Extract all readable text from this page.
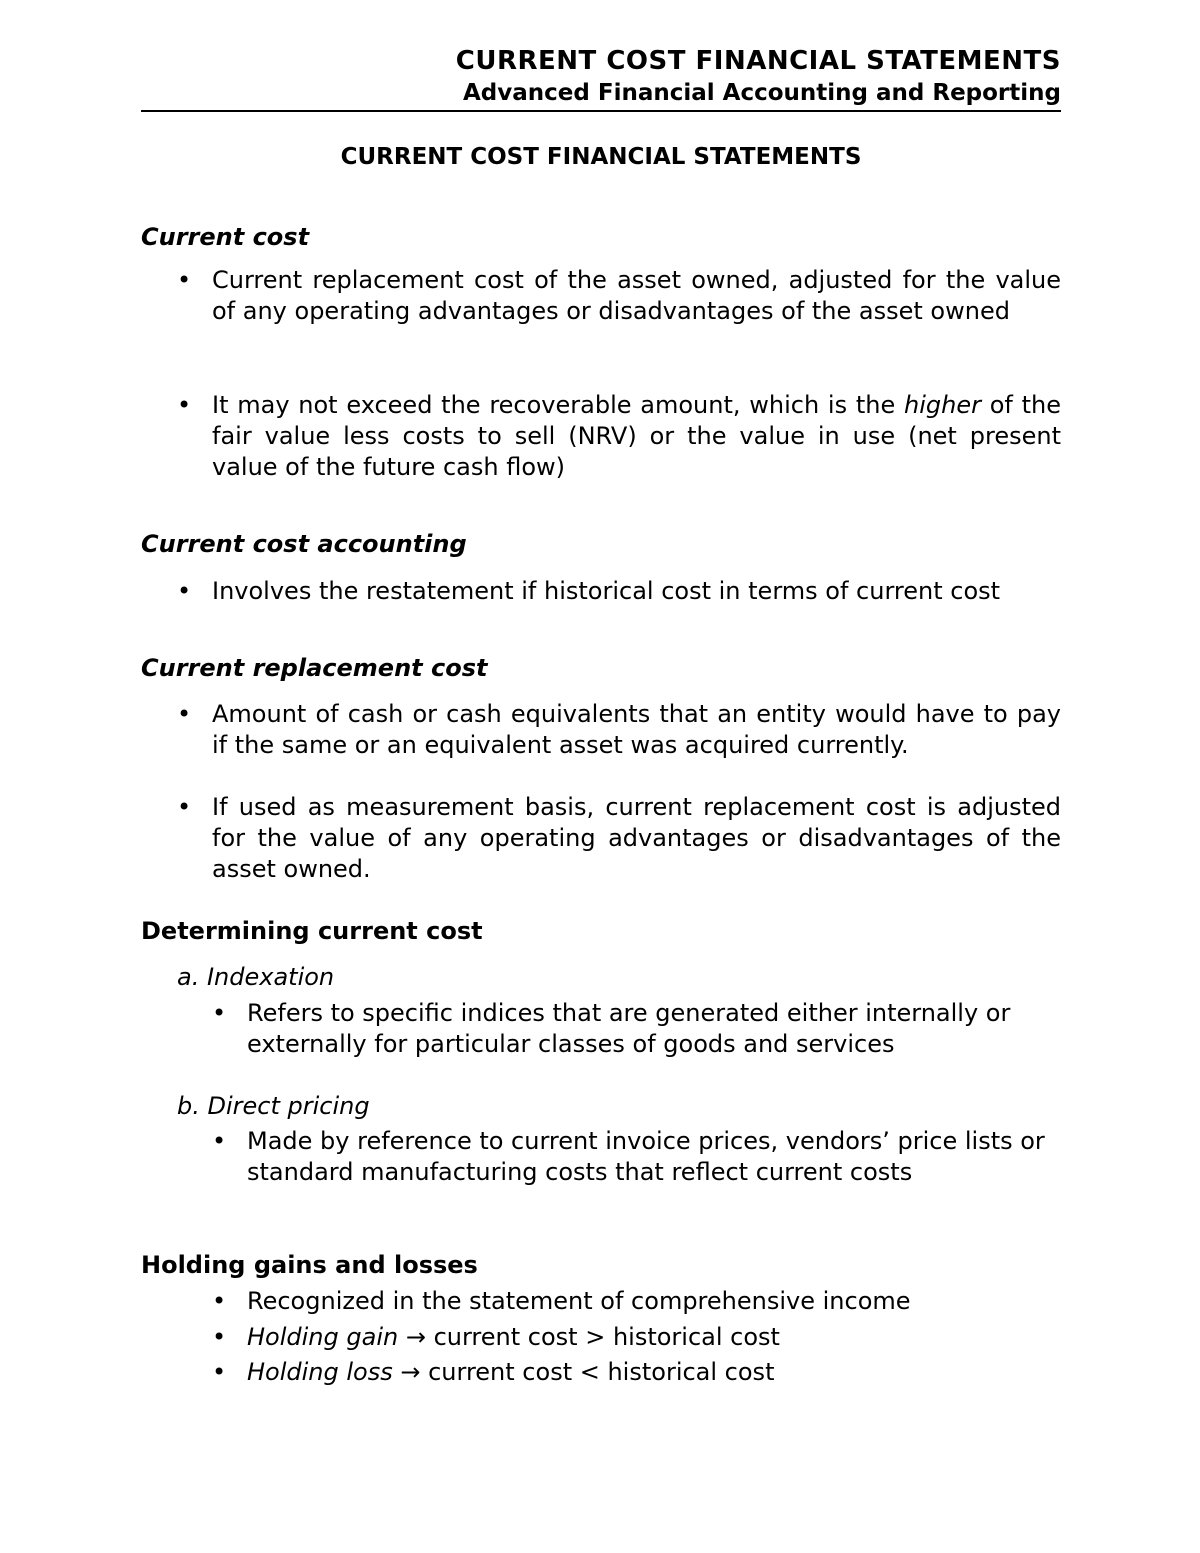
CURRENT COST FINANCIAL STATEMENTS
Advanced Financial Accounting and Reporting
CURRENT COST FINANCIAL STATEMENTS
Current cost
• Current replacement cost of the asset owned, adjusted for the value of any operating advantages or disadvantages of the asset owned
• It may not exceed the recoverable amount, which is the higher of the fair value less costs to sell (NRV) or the value in use (net present value of the future cash flow)
Current cost accounting
• Involves the restatement if historical cost in terms of current cost
Current replacement cost
• Amount of cash or cash equivalents that an entity would have to pay if the same or an equivalent asset was acquired currently.
• If used as measurement basis, current replacement cost is adjusted for the value of any operating advantages or disadvantages of the asset owned.
Determining current cost
a. Indexation
• Refers to specific indices that are generated either internally or externally for particular classes of goods and services
b. Direct pricing
• Made by reference to current invoice prices, vendors’ price lists or standard manufacturing costs that reflect current costs
Holding gains and losses
• Recognized in the statement of comprehensive income
• Holding gain → current cost > historical cost
• Holding loss → current cost < historical cost
